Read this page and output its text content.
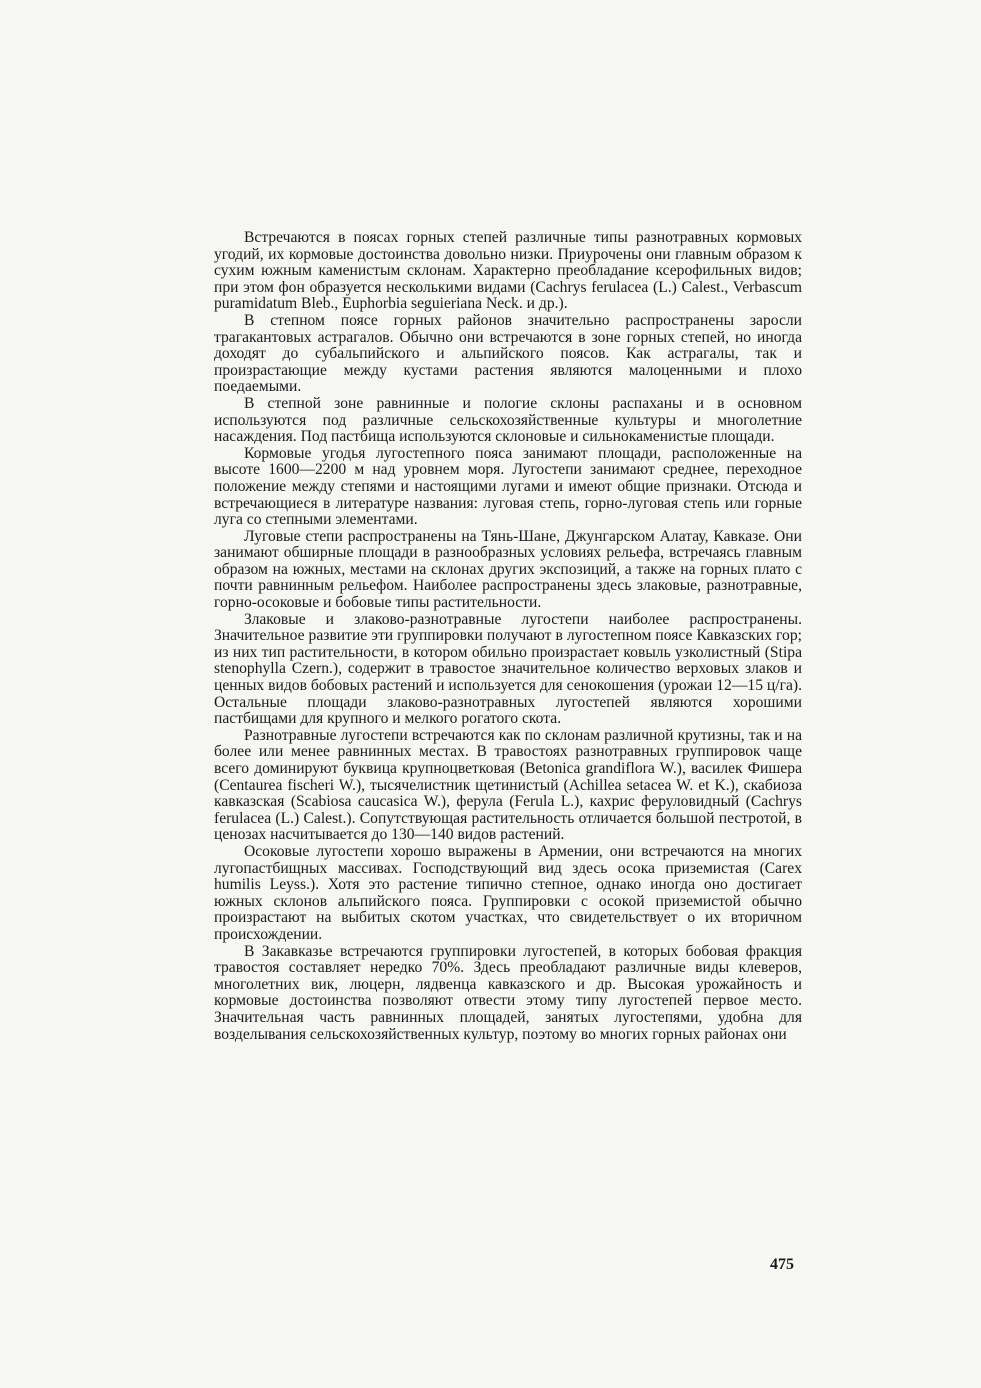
Встречаются в поясах горных степей различные типы разнотравных кормовых угодий, их кормовые достоинства довольно низки. Приурочены они главным образом к сухим южным каменистым склонам. Характерно преобладание ксерофильных видов; при этом фон образуется несколькими видами (Cachrys ferulacea (L.) Calest., Verbascum puramidatum Bleb., Euphorbia seguieriana Neck. и др.).

В степном поясе горных районов значительно распространены заросли трагакантовых астрагалов. Обычно они встречаются в зоне горных степей, но иногда доходят до субальпийского и альпийского поясов. Как астрагалы, так и произрастающие между кустами растения являются малоценными и плохо поедаемыми.

В степной зоне равнинные и пологие склоны распаханы и в основном используются под различные сельскохозяйственные культуры и многолетние насаждения. Под пастбища используются склоновые и сильнокаменистые площади.

Кормовые угодья лугостепного пояса занимают площади, расположенные на высоте 1600—2200 м над уровнем моря. Лугостепи занимают среднее, переходное положение между степями и настоящими лугами и имеют общие признаки. Отсюда и встречающиеся в литературе названия: луговая степь, горно-луговая степь или горные луга со степными элементами.

Луговые степи распространены на Тянь-Шане, Джунгарском Алатау, Кавказе. Они занимают обширные площади в разнообразных условиях рельефа, встречаясь главным образом на южных, местами на склонах других экспозиций, а также на горных плато с почти равнинным рельефом. Наиболее распространены здесь злаковые, разнотравные, горно-осоковые и бобовые типы растительности.

Злаковые и злаково-разнотравные лугостепи наиболее распространены. Значительное развитие эти группировки получают в лугостепном поясе Кавказских гор; из них тип растительности, в котором обильно произрастает ковыль узколистный (Stipa stenophylla Czern.), содержит в травостое значительное количество верховых злаков и ценных видов бобовых растений и используется для сенокошения (урожаи 12—15 ц/га). Остальные площади злаково-разнотравных лугостепей являются хорошими пастбищами для крупного и мелкого рогатого скота.

Разнотравные лугостепи встречаются как по склонам различной крутизны, так и на более или менее равнинных местах. В травостоях разнотравных группировок чаще всего доминируют буквица крупноцветковая (Betonica grandiflora W.), василек Фишера (Centaurea fischeri W.), тысячелистник щетинистый (Achillea setacea W. et K.), скабиоза кавказская (Scabiosa caucasica W.), ферула (Ferula L.), кахрис феруловидный (Cachrys ferulacea (L.) Calest.). Сопутствующая растительность отличается большой пестротой, в ценозах насчитывается до 130—140 видов растений.

Осоковые лугостепи хорошо выражены в Армении, они встречаются на многих лугопастбищных массивах. Господствующий вид здесь осока приземистая (Carex humilis Leyss.). Хотя это растение типично степное, однако иногда оно достигает южных склонов альпийского пояса. Группировки с осокой приземистой обычно произрастают на выбитых скотом участках, что свидетельствует о их вторичном происхождении.

В Закавказье встречаются группировки лугостепей, в которых бобовая фракция травостоя составляет нередко 70%. Здесь преобладают различные виды клеверов, многолетних вик, люцерн, лядвенца кавказского и др. Высокая урожайность и кормовые достоинства позволяют отвести этому типу лугостепей первое место. Значительная часть равнинных площадей, занятых лугостепями, удобна для возделывания сельскохозяйственных культур, поэтому во многих горных районах они

475
